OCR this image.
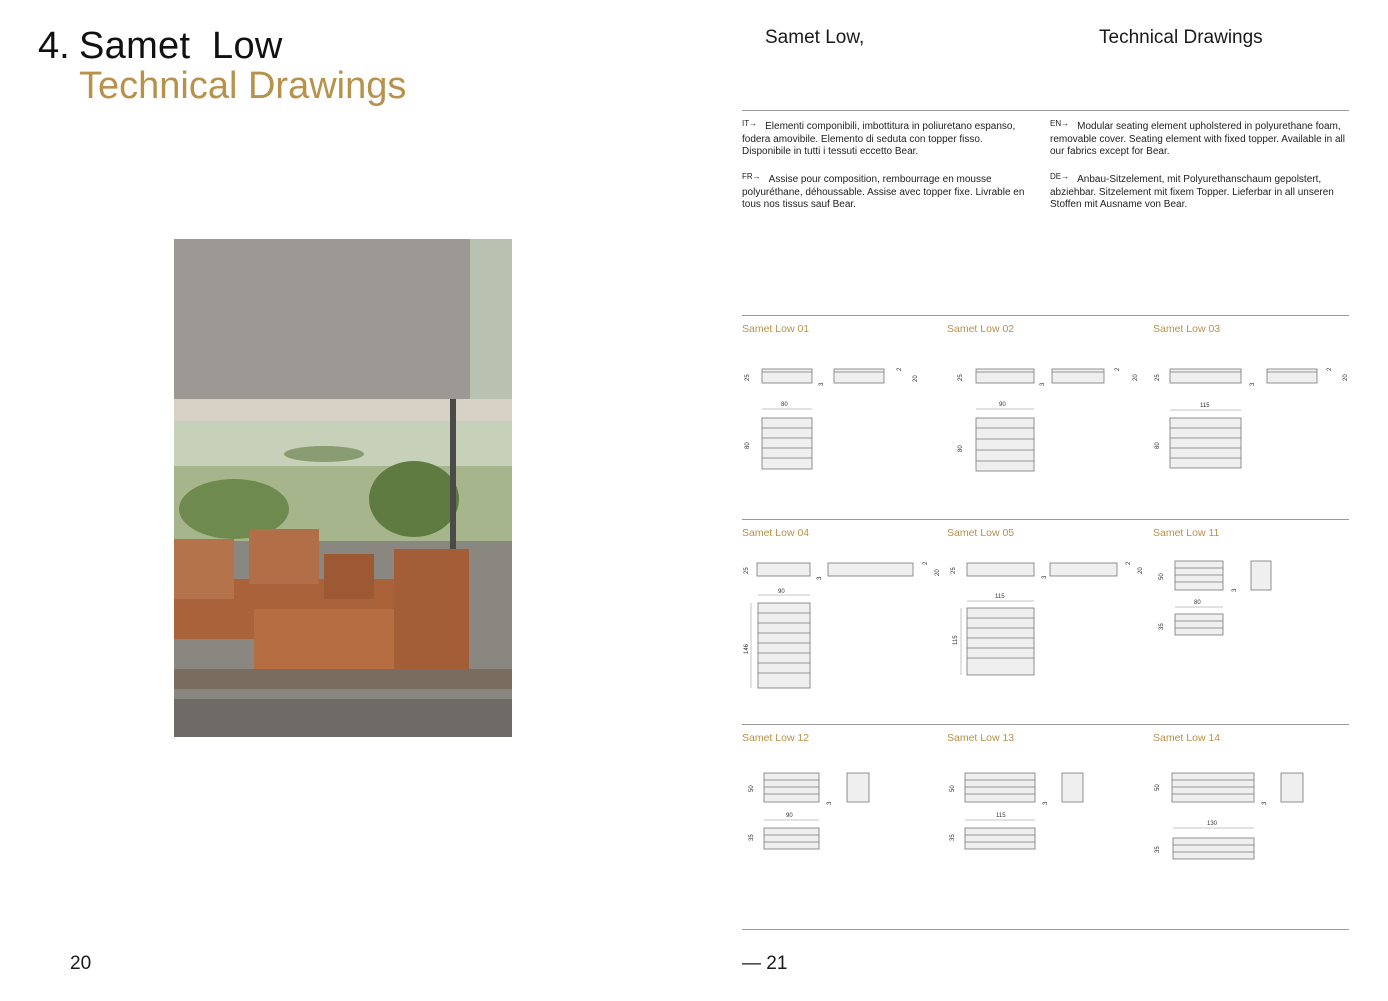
4. Samet  Low
Technical Drawings
20
Samet Low,	Technical Drawings
$^{IT\to}$ Elementi componibili, imbottitura in poliuretano espanso, fodera amovibile. Elemento di seduta con topper fisso. Disponibile in tutti i tessuti eccetto Bear.
$^{EN\to}$ Modular seating element upholstered in polyurethane foam, removable cover. Seating element with fixed topper. Available in all our fabrics except for Bear.
$^{FR\to}$ Assise pour composition, rembourrage en mousse polyuréthane, déhoussable. Assise avec topper fixe. Livrable en tous nos tissus sauf Bear.
$^{DE\to}$ Anbau-Sitzelement, mit Polyurethanschaum gepolstert, abziehbar. Sitzelement mit fixem Topper. Lieferbar in all unseren Stoffen mit Ausname von Bear.
Samet Low 01	Samet Low 02	Samet Low 03
Samet Low 04	Samet Low 05	Samet Low 11
Samet Low 12	Samet Low 13	Samet Low 14
25
3
2
20
80
80
25
3
2
20
90
80
25
3
2
20
115
80
25
3
2
20
90
146
25
3
2
20
115
115
50
3
80
35
50
3
90
35
50
3
115
35
50
3
130
35
— 21
